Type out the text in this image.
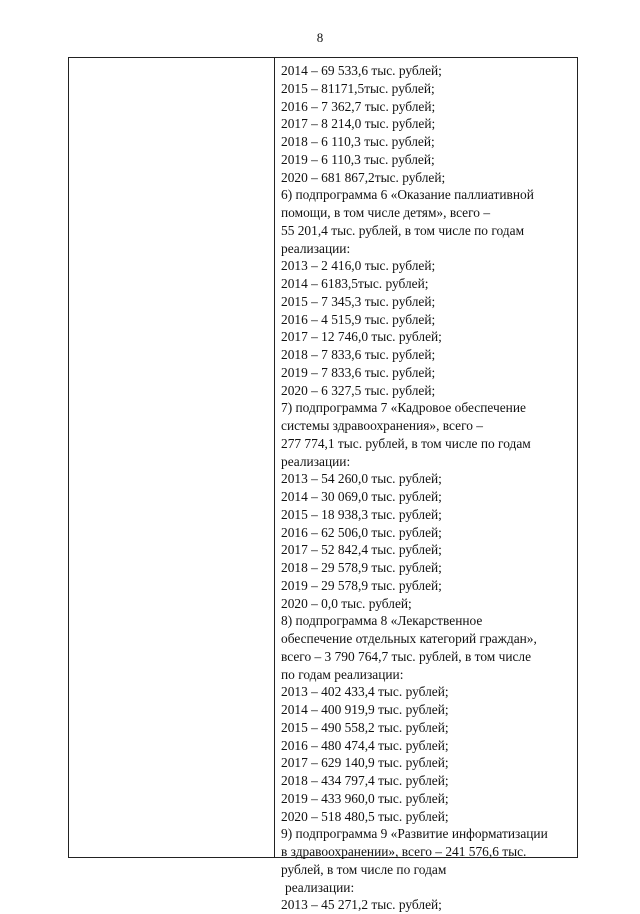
8
2014 – 69 533,6 тыс. рублей;
2015 – 81171,5тыс. рублей;
2016 – 7 362,7 тыс. рублей;
2017 – 8 214,0 тыс. рублей;
2018 – 6 110,3 тыс. рублей;
2019 – 6 110,3 тыс. рублей;
2020 – 681 867,2тыс. рублей;
6) подпрограмма 6 «Оказание паллиативной
помощи, в том числе детям», всего –
55 201,4 тыс. рублей, в том числе по годам
реализации:
2013 – 2 416,0 тыс. рублей;
2014 – 6183,5тыс. рублей;
2015 – 7 345,3 тыс. рублей;
2016 – 4 515,9 тыс. рублей;
2017 – 12 746,0 тыс. рублей;
2018 – 7 833,6 тыс. рублей;
2019 – 7 833,6 тыс. рублей;
2020 – 6 327,5 тыс. рублей;
7) подпрограмма 7 «Кадровое обеспечение
системы здравоохранения», всего –
277 774,1 тыс. рублей, в том числе по годам
реализации:
2013 – 54 260,0 тыс. рублей;
2014 – 30 069,0 тыс. рублей;
2015 – 18 938,3 тыс. рублей;
2016 – 62 506,0 тыс. рублей;
2017 – 52 842,4 тыс. рублей;
2018 – 29 578,9 тыс. рублей;
2019 – 29 578,9 тыс. рублей;
2020 – 0,0 тыс. рублей;
8) подпрограмма 8 «Лекарственное
обеспечение отдельных категорий граждан»,
всего – 3 790 764,7 тыс. рублей, в том числе
по годам реализации:
2013 – 402 433,4 тыс. рублей;
2014 – 400 919,9 тыс. рублей;
2015 – 490 558,2 тыс. рублей;
2016 – 480 474,4 тыс. рублей;
2017 – 629 140,9 тыс. рублей;
2018 – 434 797,4 тыс. рублей;
2019 – 433 960,0 тыс. рублей;
2020 – 518 480,5 тыс. рублей;
9) подпрограмма 9 «Развитие информатизации
в здравоохранении», всего – 241 576,6 тыс.
рублей, в том числе по годам
реализации:
2013 – 45 271,2 тыс. рублей;
